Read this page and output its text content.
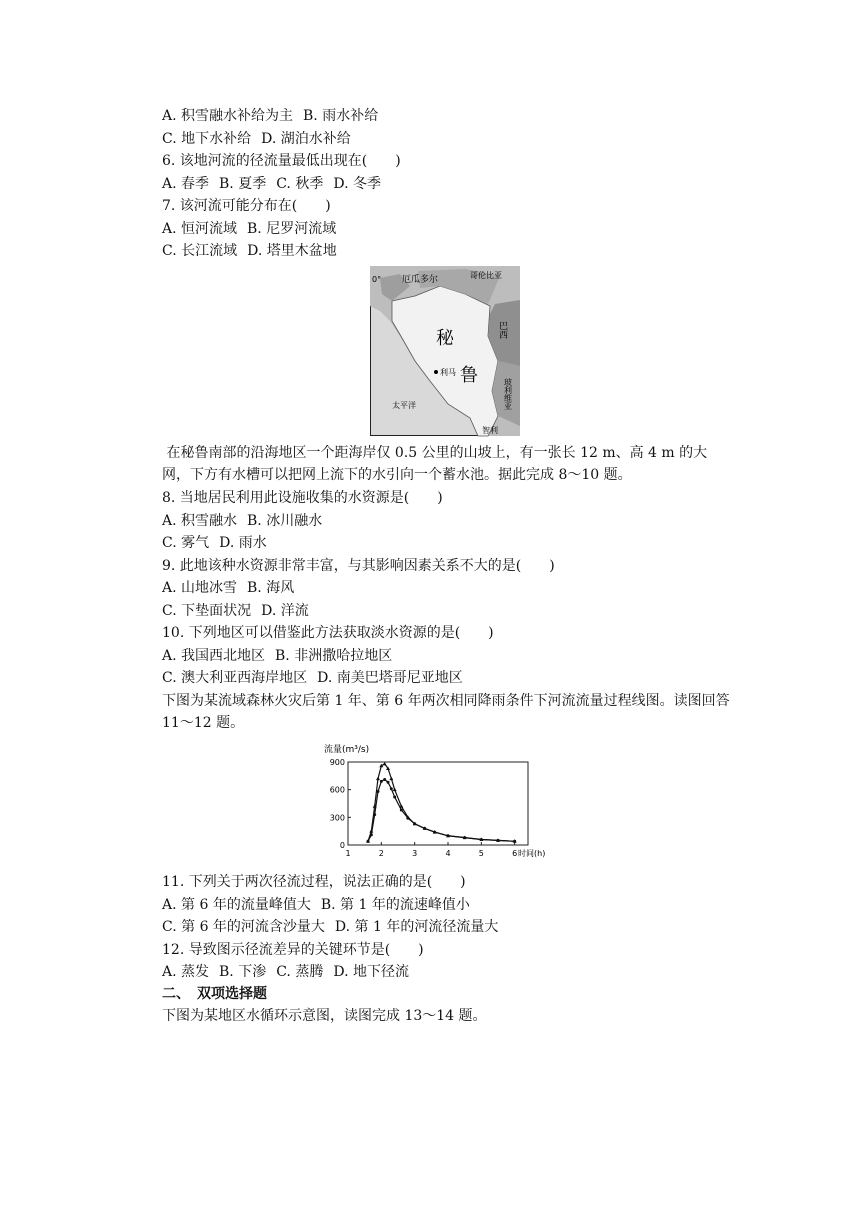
A. 积雪融水补给为主 B. 雨水补给
C. 地下水补给 D. 湖泊水补给
6. 该地河流的径流量最低出现在(　　)
A. 春季 B. 夏季 C. 秋季 D. 冬季
7. 该河流可能分布在(　　)
A. 恒河流域 B. 尼罗河流域
C. 长江流域 D. 塔里木盆地
0° 厄瓜多尔	哥伦比亚
巴西
秘
鲁
利马
玻利维亚
太平洋
智利
在秘鲁南部的沿海地区一个距海岸仅 0.5 公里的山坡上，有一张长 12 m、高 4 m 的大网，下方有水槽可以把网上流下的水引向一个蓄水池。据此完成 8～10 题。
8. 当地居民利用此设施收集的水资源是(　　)
A. 积雪融水 B. 冰川融水
C. 雾气 D. 雨水
9. 此地该种水资源非常丰富，与其影响因素关系不大的是(　　)
A. 山地冰雪 B. 海风
C. 下垫面状况 D. 洋流
10. 下列地区可以借鉴此方法获取淡水资源的是(　　)
A. 我国西北地区 B. 非洲撒哈拉地区
C. 澳大利亚西海岸地区 D. 南美巴塔哥尼亚地区
下图为某流域森林火灾后第 1 年、第 6 年两次相同降雨条件下河流流量过程线图。读图回答 11～12 题。
流量(m³/s)
0
300
600
900
1	2	3	4	5	6 时间(h)
11. 下列关于两次径流过程，说法正确的是(　　)
A. 第 6 年的流量峰值大 B. 第 1 年的流速峰值小
C. 第 6 年的河流含沙量大 D. 第 1 年的河流径流量大
12. 导致图示径流差异的关键环节是(　　)
A. 蒸发 B. 下渗 C. 蒸腾 D. 地下径流
二、　双项选择题
下图为某地区水循环示意图，读图完成 13～14 题。
